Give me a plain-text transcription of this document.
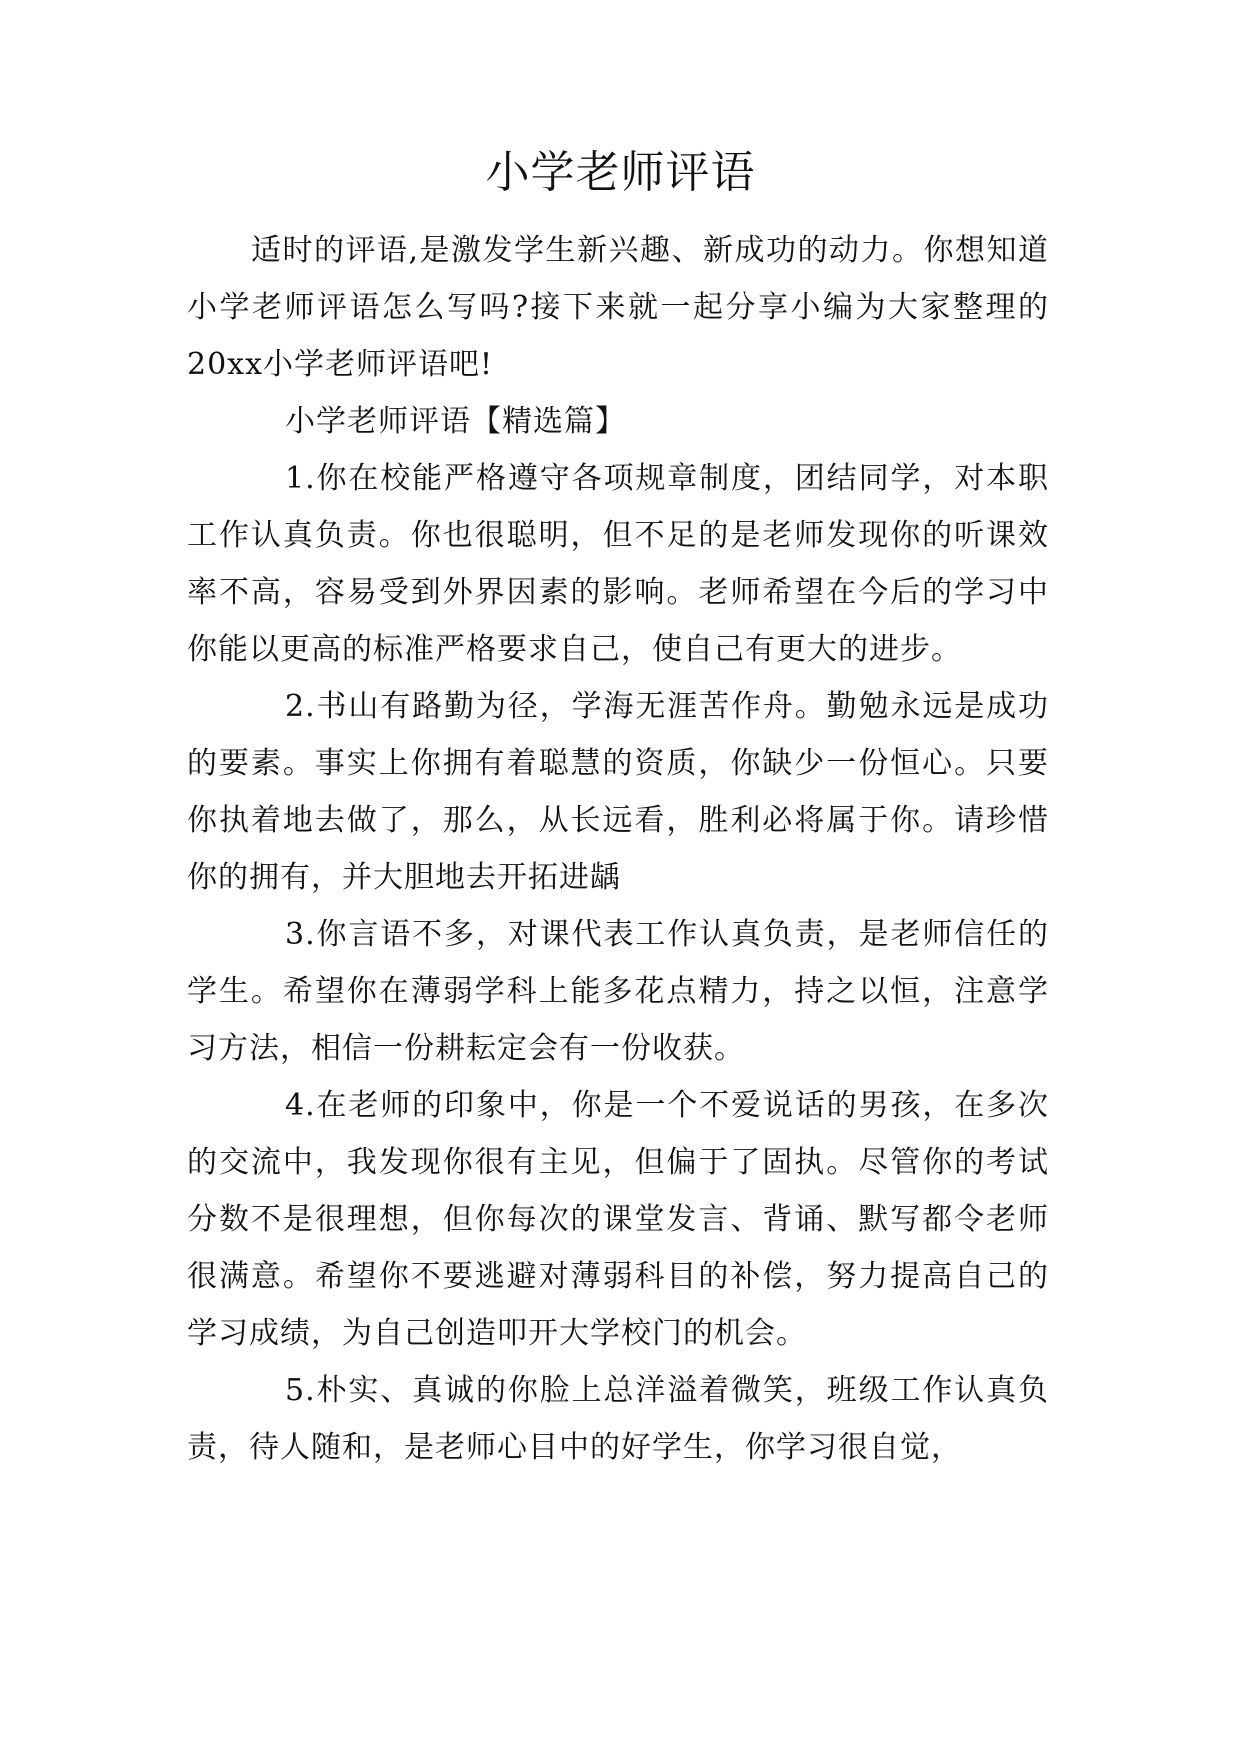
小学老师评语

适时的评语,是激发学生新兴趣、新成功的动力。你想知道小学老师评语怎么写吗?接下来就一起分享小编为大家整理的20xx小学老师评语吧!

小学老师评语【精选篇】

1.你在校能严格遵守各项规章制度，团结同学，对本职工作认真负责。你也很聪明，但不足的是老师发现你的听课效率不高，容易受到外界因素的影响。老师希望在今后的学习中你能以更高的标准严格要求自己，使自己有更大的进步。

2.书山有路勤为径，学海无涯苦作舟。勤勉永远是成功的要素。事实上你拥有着聪慧的资质，你缺少一份恒心。只要你执着地去做了，那么，从长远看，胜利必将属于你。请珍惜你的拥有，并大胆地去开拓进龋

3.你言语不多，对课代表工作认真负责，是老师信任的学生。希望你在薄弱学科上能多花点精力，持之以恒，注意学习方法，相信一份耕耘定会有一份收获。

4.在老师的印象中，你是一个不爱说话的男孩，在多次的交流中，我发现你很有主见，但偏于了固执。尽管你的考试分数不是很理想，但你每次的课堂发言、背诵、默写都令老师很满意。希望你不要逃避对薄弱科目的补偿，努力提高自己的学习成绩，为自己创造叩开大学校门的机会。

5.朴实、真诚的你脸上总洋溢着微笑，班级工作认真负责，待人随和，是老师心目中的好学生，你学习很自觉，
